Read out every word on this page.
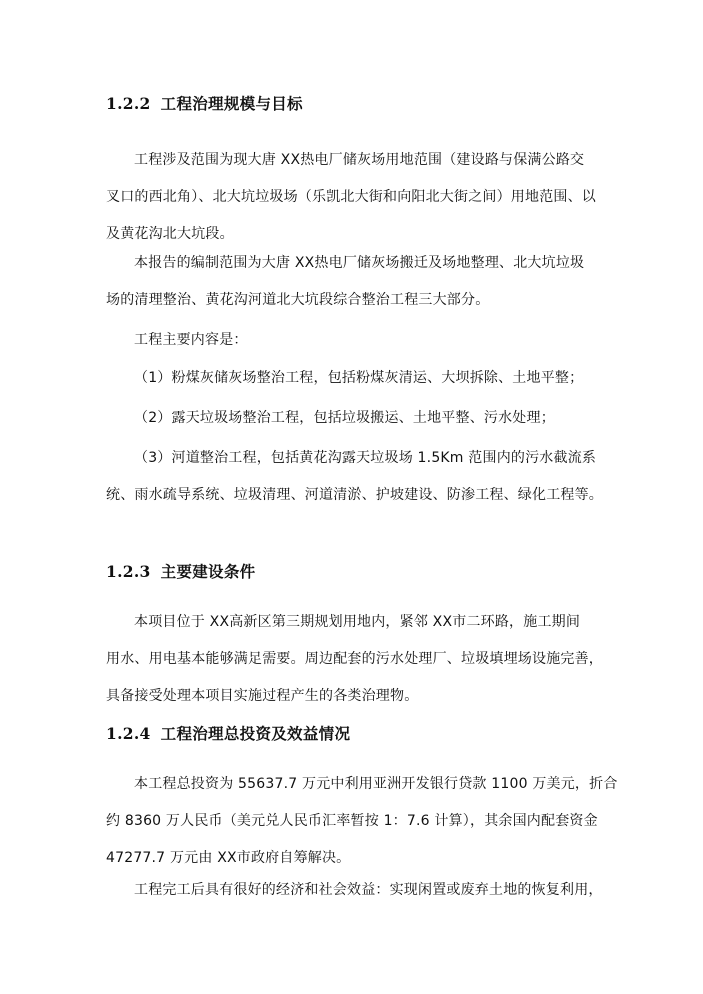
1.2.2 工程治理规模与目标
工程涉及范围为现大唐 XX热电厂储灰场用地范围（建设路与保满公路交
叉口的西北角）、北大坑垃圾场（乐凯北大街和向阳北大街之间）用地范围、以
及黄花沟北大坑段。
本报告的编制范围为大唐 XX热电厂储灰场搬迁及场地整理、北大坑垃圾
场的清理整治、黄花沟河道北大坑段综合整治工程三大部分。
工程主要内容是：
（1）粉煤灰储灰场整治工程，包括粉煤灰清运、大坝拆除、土地平整；
（2）露天垃圾场整治工程，包括垃圾搬运、土地平整、污水处理；
（3）河道整治工程，包括黄花沟露天垃圾场 1.5Km 范围内的污水截流系
统、雨水疏导系统、垃圾清理、河道清淤、护坡建设、防渗工程、绿化工程等。
1.2.3 主要建设条件
本项目位于 XX高新区第三期规划用地内，紧邻 XX市二环路，施工期间
用水、用电基本能够满足需要。周边配套的污水处理厂、垃圾填埋场设施完善，
具备接受处理本项目实施过程产生的各类治理物。
1.2.4 工程治理总投资及效益情况
本工程总投资为 55637.7 万元中利用亚洲开发银行贷款 1100 万美元，折合
约 8360 万人民币（美元兑人民币汇率暂按 1：7.6 计算），其余国内配套资金
47277.7 万元由 XX市政府自筹解决。
工程完工后具有很好的经济和社会效益：实现闲置或废弃土地的恢复利用，
